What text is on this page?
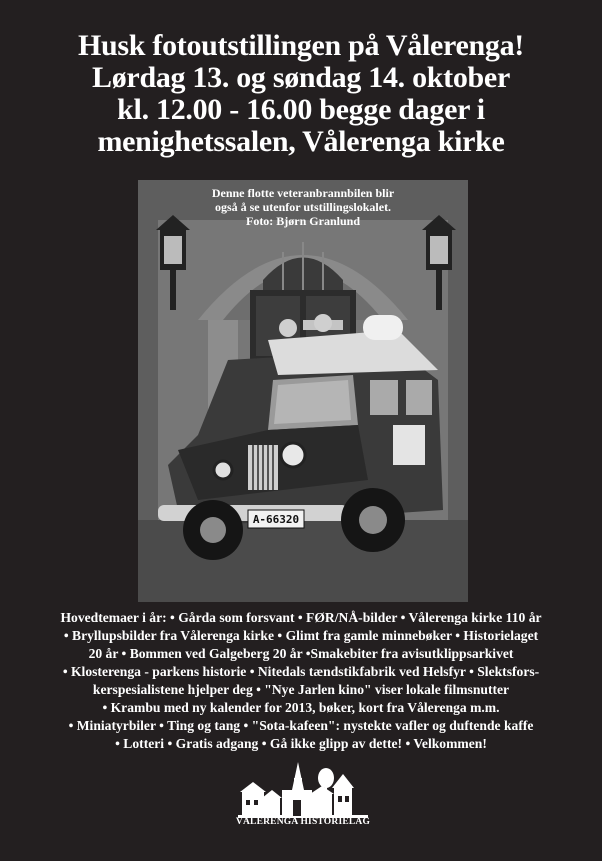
Husk fotoutstillingen på Vålerenga!
Lørdag 13. og søndag 14. oktober
kl. 12.00 - 16.00 begge dager i
menighetssalen, Vålerenga kirke
A-66320
Denne flotte veteranbrannbilen blir
også å se utenfor utstillingslokalet.
Foto: Bjørn Granlund
Hovedtemaer i år: • Gårda som forsvant • FØR/NÅ-bilder • Vålerenga kirke 110 år
• Bryllupsbilder fra Vålerenga kirke • Glimt fra gamle minnebøker • Historielaget
20 år • Bommen ved Galgeberg 20 år •Smakebiter fra avisutklippsarkivet
• Klosterenga - parkens historie • Nitedals tændstikfabrik ved Helsfyr • Slektsfors-
kerspesialistene hjelper deg • "Nye Jarlen kino" viser lokale filmsnutter
• Krambu med ny kalender for 2013, bøker, kort fra Vålerenga m.m.
• Miniatyrbiler • Ting og tang • "Sota-kafeen": nystekte vafler og duftende kaffe
• Lotteri • Gratis adgang • Gå ikke glipp av dette! • Velkommen!
VÅLERENGA HISTORIELAG
